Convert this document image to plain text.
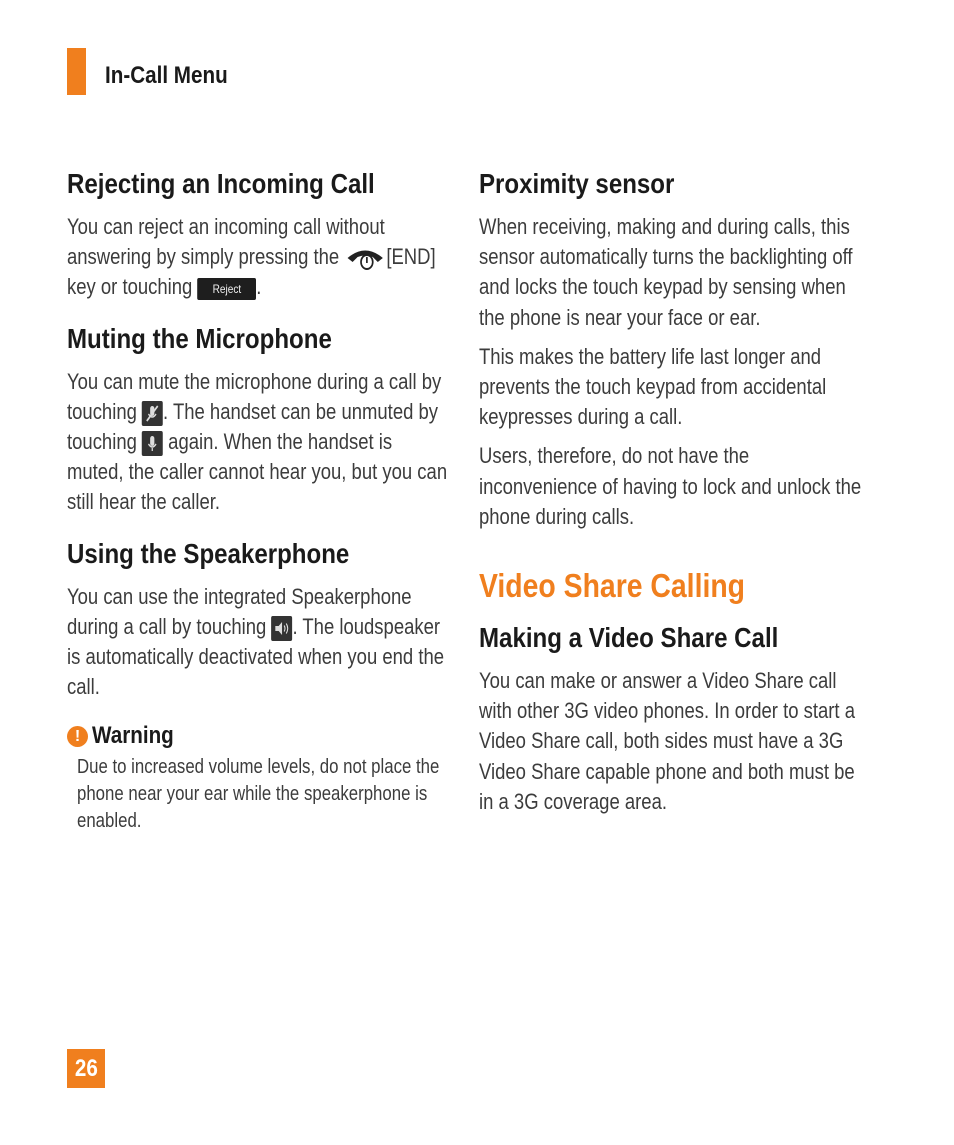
In-Call Menu
Rejecting an Incoming Call

You can reject an incoming call without answering by simply pressing the [END] key or touching Reject .

Muting the Microphone

You can mute the microphone during a call by touching . The handset can be unmuted by touching again. When the handset is muted, the caller cannot hear you, but you can still hear the caller.

Using the Speakerphone

You can use the integrated Speakerphone during a call by touching . The loudspeaker is automatically deactivated when you end the call.

! Warning

Due to increased volume levels, do not place the phone near your ear while the speakerphone is enabled.

Proximity sensor

When receiving, making and during calls, this sensor automatically turns the backlighting off and locks the touch keypad by sensing when the phone is near your face or ear.

This makes the battery life last longer and prevents the touch keypad from accidental keypresses during a call.

Users, therefore, do not have the inconvenience of having to lock and unlock the phone during calls.

Video Share Calling
Making a Video Share Call

You can make or answer a Video Share call with other 3G video phones. In order to start a Video Share call, both sides must have a 3G Video Share capable phone and both must be in a 3G coverage area.

26
